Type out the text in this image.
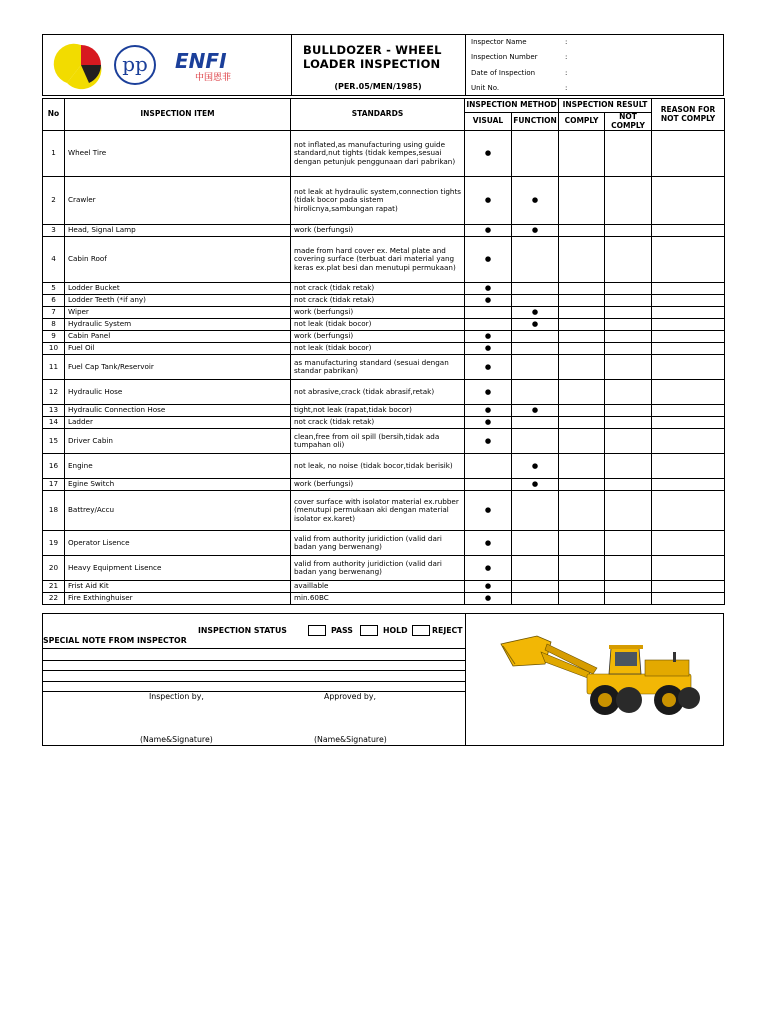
pp ENFI
中国恩菲
BULLDOZER - WHEEL LOADER INSPECTION
(PER.05/MEN/1985)
Inspector Name	:
Inspection Number	:
Date of Inspection	:
Unit No.	:
No	INSPECTION ITEM	STANDARDS	INSPECTION METHOD		INSPECTION RESULT		REASON FOR NOT COMPLY
			VISUAL	FUNCTION	COMPLY	NOT COMPLY	
1	Wheel Tire	not inflated,as manufacturing using guide standard,nut tights (tidak kempes,sesuai dengan petunjuk penggunaan dari pabrikan)	●				
2	Crawler	not leak at hydraulic system,connection tights (tidak bocor pada sistem hirolicnya,sambungan rapat)	●	●			
3	Head, Signal Lamp	work (berfungsi)	●	●			
4	Cabin Roof	made from hard cover ex. Metal plate and covering surface (terbuat dari material yang keras ex.plat besi dan menutupi permukaan)	●				
5	Lodder Bucket	not crack (tidak retak)	●				
6	Lodder Teeth (*if any)	not crack (tidak retak)	●				
7	Wiper	work (berfungsi)		●			
8	Hydraulic System	not leak (tidak bocor)		●			
9	Cabin Panel	work (berfungsi)	●				
10	Fuel Oil	not leak (tidak bocor)	●				
11	Fuel Cap Tank/Reservoir	as manufacturing standard (sesuai dengan standar pabrikan)	●				
12	Hydraulic Hose	not abrasive,crack (tidak abrasif,retak)	●				
13	Hydraulic Connection Hose	tight,not leak (rapat,tidak bocor)	●	●			
14	Ladder	not crack (tidak retak)	●				
15	Driver Cabin	clean,free from oil spill (bersih,tidak ada tumpahan oli)	●				
16	Engine	not leak, no noise (tidak bocor,tidak berisik)		●			
17	Egine Switch	work (berfungsi)		●			
18	Battrey/Accu	cover surface with isolator material ex.rubber (menutupi permukaan aki dengan material isolator ex.karet)	●				
19	Operator Lisence	valid from authority juridiction (valid dari badan yang berwenang)	●				
20	Heavy Equipment Lisence	valid from authority juridiction (valid dari badan yang berwenang)	●				
21	Frist Aid Kit	availlable	●				
22	Fire Exthinghuiser	min.60BC	●				
INSPECTION STATUS	PASS	HOLD	REJECT
SPECIAL NOTE FROM INSPECTOR
Inspection by,	Approved by,
(Name&Signature)	(Name&Signature)
